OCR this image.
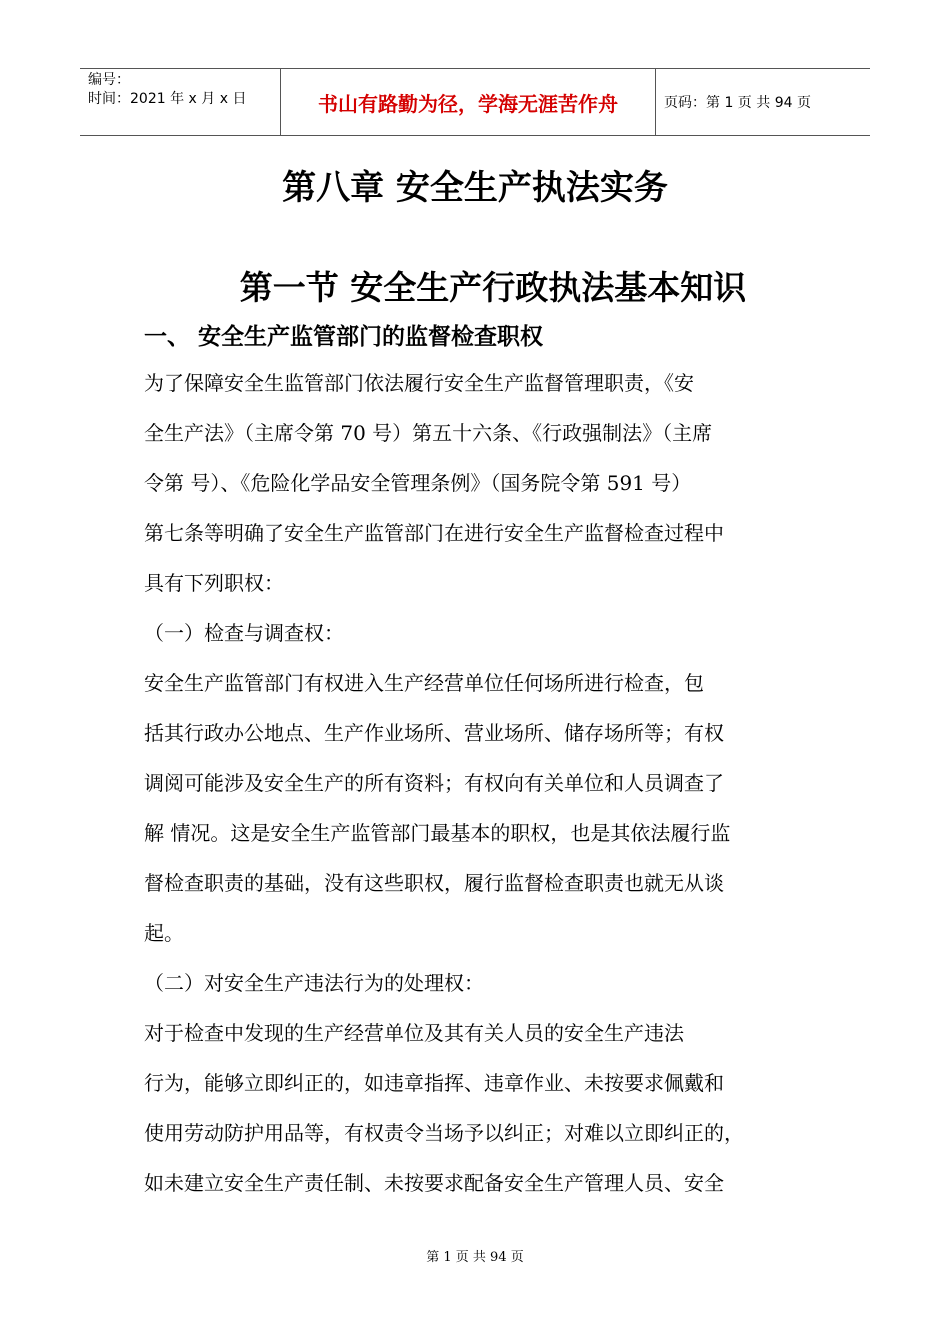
编号：
时间：2021 年 x 月 x 日	书山有路勤为径，学海无涯苦作舟	页码：第 1 页 共 94 页
第八章 安全生产执法实务
第一节 安全生产行政执法基本知识
一、 安全生产监管部门的监督检查职权
为了保障安全生监管部门依法履行安全生产监督管理职责，《安
全生产法》（主席令第 70 号）第五十六条、《行政强制法》（主席
令第 号）、《危险化学品安全管理条例》（国务院令第 591 号）
第七条等明确了安全生产监管部门在进行安全生产监督检查过程中
具有下列职权：
（一）检查与调查权：
安全生产监管部门有权进入生产经营单位任何场所进行检查，包
括其行政办公地点、生产作业场所、营业场所、储存场所等；有权
调阅可能涉及安全生产的所有资料；有权向有关单位和人员调查了
解 情况。这是安全生产监管部门最基本的职权，也是其依法履行监
督检查职责的基础，没有这些职权，履行监督检查职责也就无从谈
起。
（二）对安全生产违法行为的处理权：
对于检查中发现的生产经营单位及其有关人员的安全生产违法
行为，能够立即纠正的，如违章指挥、违章作业、未按要求佩戴和
使用劳动防护用品等，有权责令当场予以纠正；对难以立即纠正的，
如未建立安全生产责任制、未按要求配备安全生产管理人员、安全
第 1 页 共 94 页
